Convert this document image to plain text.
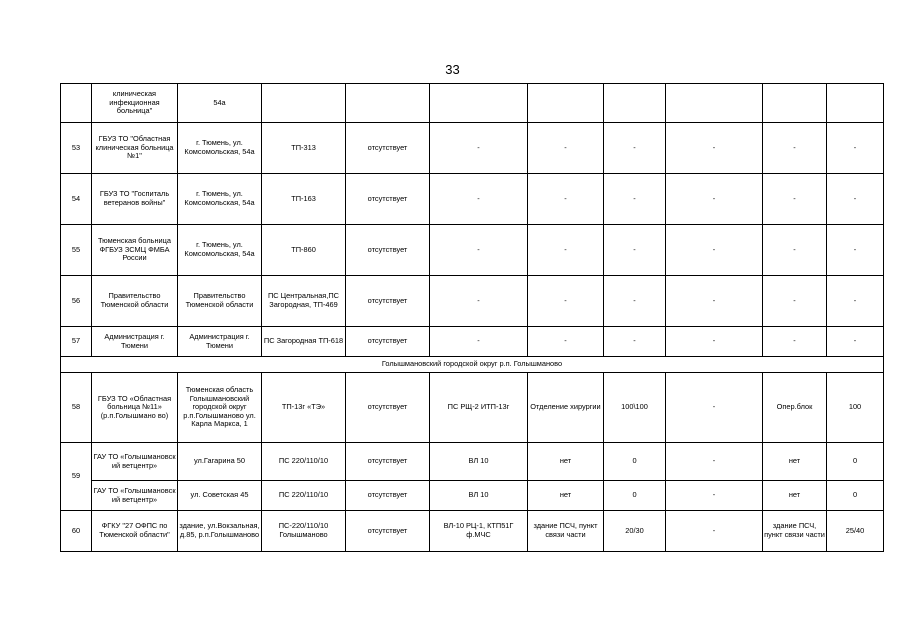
33
	клиническая инфекционная больница"	54а								
53	ГБУЗ ТО "Областная клиническая больница №1"	г. Тюмень, ул. Комсомольская, 54а	ТП-313	отсутствует	-	-	-	-	-	-
54	ГБУЗ ТО "Госпиталь ветеранов войны"	г. Тюмень, ул. Комсомольская, 54а	ТП-163	отсутствует	-	-	-	-	-	-
55	Тюменская больница ФГБУЗ ЗСМЦ ФМБА России	г. Тюмень, ул. Комсомольская, 54а	ТП-860	отсутствует	-	-	-	-	-	-
56	Правительство Тюменской области	Правительство Тюменской области	ПС Центральная,ПС Загородная, ТП-469	отсутствует	-	-	-	-	-	-
57	Администрация г. Тюмени	Администрация г. Тюмени	ПС Загородная ТП-618	отсутствует	-	-	-	-	-	-
Голышмановский городской округ р.п. Голышманово										
58	ГБУЗ ТО «Областная больница №11» (р.п.Голышмано во)	Тюменская область Голышмановский городской округ р.п.Голышманово ул. Карла Маркса, 1	ТП-13г «ТЭ»	отсутствует	ПС РЩ-2 ИТП-13г	Отделение хирургии	100\100	-	Опер.блок	100
59	ГАУ ТО «Голышмановск ий ветцентр»	ул.Гагарина 50	ПС 220/110/10	отсутствует	ВЛ 10	нет	0	-	нет	0
	ГАУ ТО «Голышмановск ий ветцентр»	ул. Советская 45	ПС 220/110/10	отсутствует	ВЛ 10	нет	0	-	нет	0
60	ФГКУ "27 ОФПС по Тюменской области"	здание, ул.Вокзальная, д.85, р.п.Голышманово	ПС-220/110/10 Голышманово	отсутствует	ВЛ-10 РЦ-1, КТП51Г ф.МЧС	здание ПСЧ, пункт связи части	20/30	-	здание ПСЧ, пункт связи части	25/40
